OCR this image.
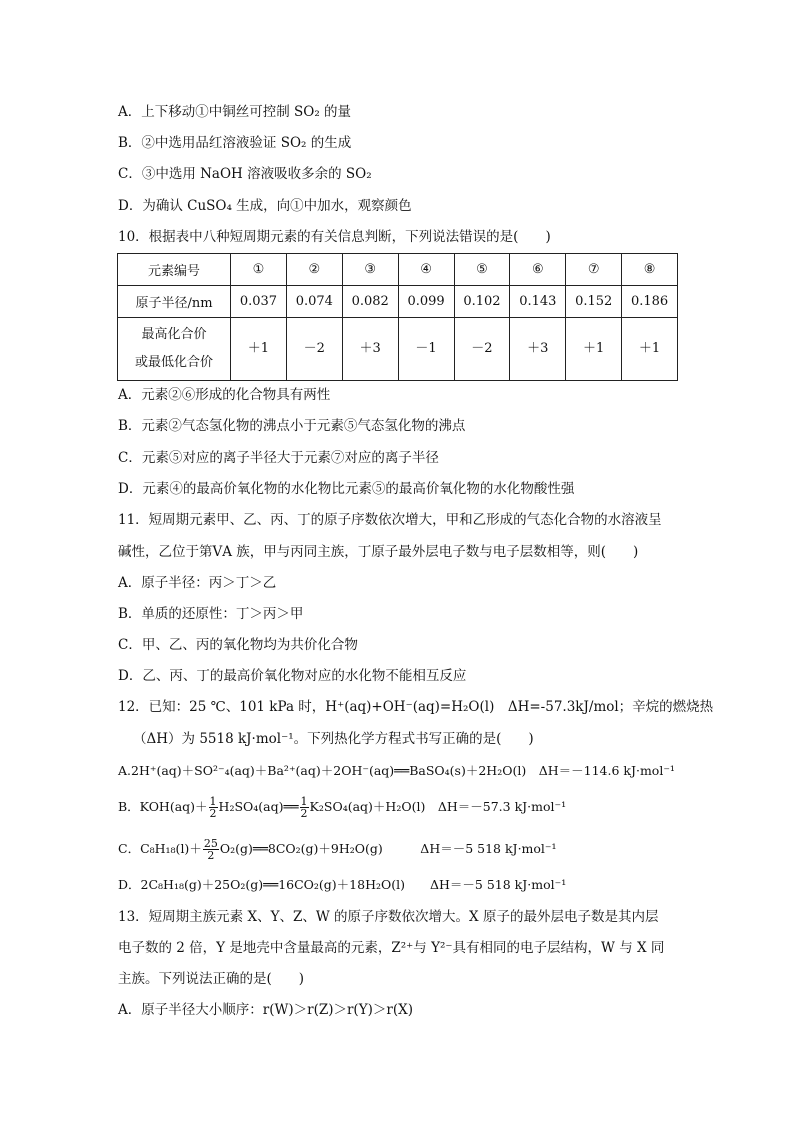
A．上下移动①中铜丝可控制 SO₂ 的量
B．②中选用品红溶液验证 SO₂ 的生成
C．③中选用 NaOH 溶液吸收多余的 SO₂
D．为确认 CuSO₄ 生成，向①中加水，观察颜色
10．根据表中八种短周期元素的有关信息判断，下列说法错误的是(　　)
元素编号	①	②	③	④	⑤	⑥	⑦	⑧
原子半径/nm	0.037	0.074	0.082	0.099	0.102	0.143	0.152	0.186

最高化合价
或最低化合价	＋1	－2	＋3	－1	－2	＋3	＋1	＋1
A．元素②⑥形成的化合物具有两性
B．元素②气态氢化物的沸点小于元素⑤气态氢化物的沸点
C．元素⑤对应的离子半径大于元素⑦对应的离子半径
D．元素④的最高价氧化物的水化物比元素⑤的最高价氧化物的水化物酸性强
11．短周期元素甲、乙、丙、丁的原子序数依次增大，甲和乙形成的气态化合物的水溶液呈
碱性，乙位于第ⅤA 族，甲与丙同主族，丁原子最外层电子数与电子层数相等，则(　　)
A．原子半径：丙＞丁＞乙
B．单质的还原性：丁＞丙＞甲
C．甲、乙、丙的氧化物均为共价化合物
D．乙、丙、丁的最高价氧化物对应的水化物不能相互反应
12．已知：25 ℃、101 kPa 时，H⁺(aq)+OH⁻(aq)=H₂O(l)　ΔH=-57.3kJ/mol；辛烷的燃烧热
（ΔH）为 5518 kJ·mol⁻¹。下列热化学方程式书写正确的是(　　)
A.2H⁺(aq)＋SO²⁻₄(aq)＋Ba²⁺(aq)＋2OH⁻(aq)══BaSO₄(s)＋2H₂O(l)　ΔH＝－114.6 kJ·mol⁻¹
B．$KOH(aq)+ \frac{1}{2}$ H₂SO₄(aq)══ $\frac{1}{2} K_2SO_4(aq)+H_2O(l)$　ΔH＝－57.3 kJ·mol⁻¹
C．$C_8H_{18}(l)+ \frac{25}{2}$ O₂(g)══8CO₂(g)＋9H₂O(g)　　　ΔH＝－5 518 kJ·mol⁻¹
D．2C₈H₁₈(g)＋25O₂(g)══16CO₂(g)＋18H₂O(l)　　ΔH＝－5 518 kJ·mol⁻¹
13．短周期主族元素 X、Y、Z、W 的原子序数依次增大。X 原子的最外层电子数是其内层
电子数的 2 倍，Y 是地壳中含量最高的元素，Z²⁺与 Y²⁻具有相同的电子层结构，W 与 X 同
主族。下列说法正确的是(　　)
A．原子半径大小顺序：r(W)＞r(Z)＞r(Y)＞r(X)
